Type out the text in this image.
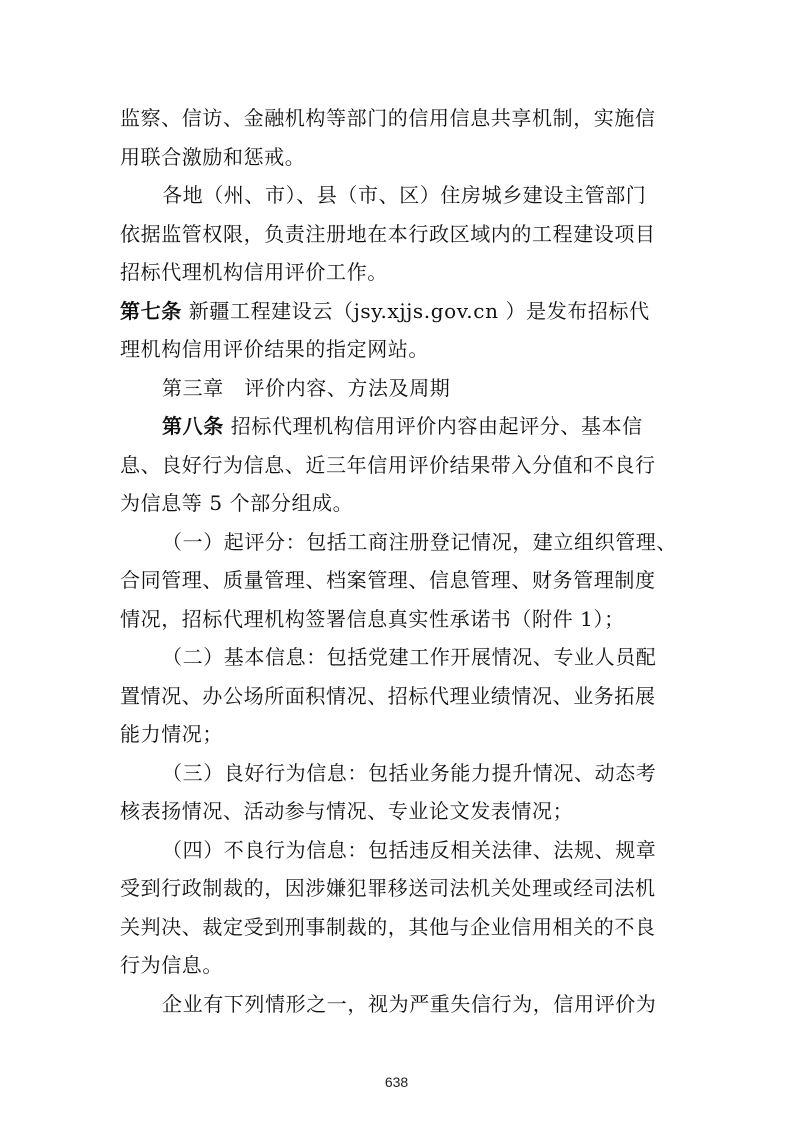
监察、信访、金融机构等部门的信用信息共享机制，实施信
用联合激励和惩戒。
各地（州、市）、县（市、区）住房城乡建设主管部门
依据监管权限，负责注册地在本行政区域内的工程建设项目
招标代理机构信用评价工作。
第七条 新疆工程建设云（jsy.xjjs.gov.cn ）是发布招标代
理机构信用评价结果的指定网站。
第三章　评价内容、方法及周期
第八条 招标代理机构信用评价内容由起评分、基本信
息、良好行为信息、近三年信用评价结果带入分值和不良行
为信息等 5 个部分组成。
（一）起评分：包括工商注册登记情况，建立组织管理、
合同管理、质量管理、档案管理、信息管理、财务管理制度
情况，招标代理机构签署信息真实性承诺书（附件 1）；
（二）基本信息：包括党建工作开展情况、专业人员配
置情况、办公场所面积情况、招标代理业绩情况、业务拓展
能力情况；
（三）良好行为信息：包括业务能力提升情况、动态考
核表扬情况、活动参与情况、专业论文发表情况；
（四）不良行为信息：包括违反相关法律、法规、规章
受到行政制裁的，因涉嫌犯罪移送司法机关处理或经司法机
关判决、裁定受到刑事制裁的，其他与企业信用相关的不良
行为信息。
企业有下列情形之一，视为严重失信行为，信用评价为
638
